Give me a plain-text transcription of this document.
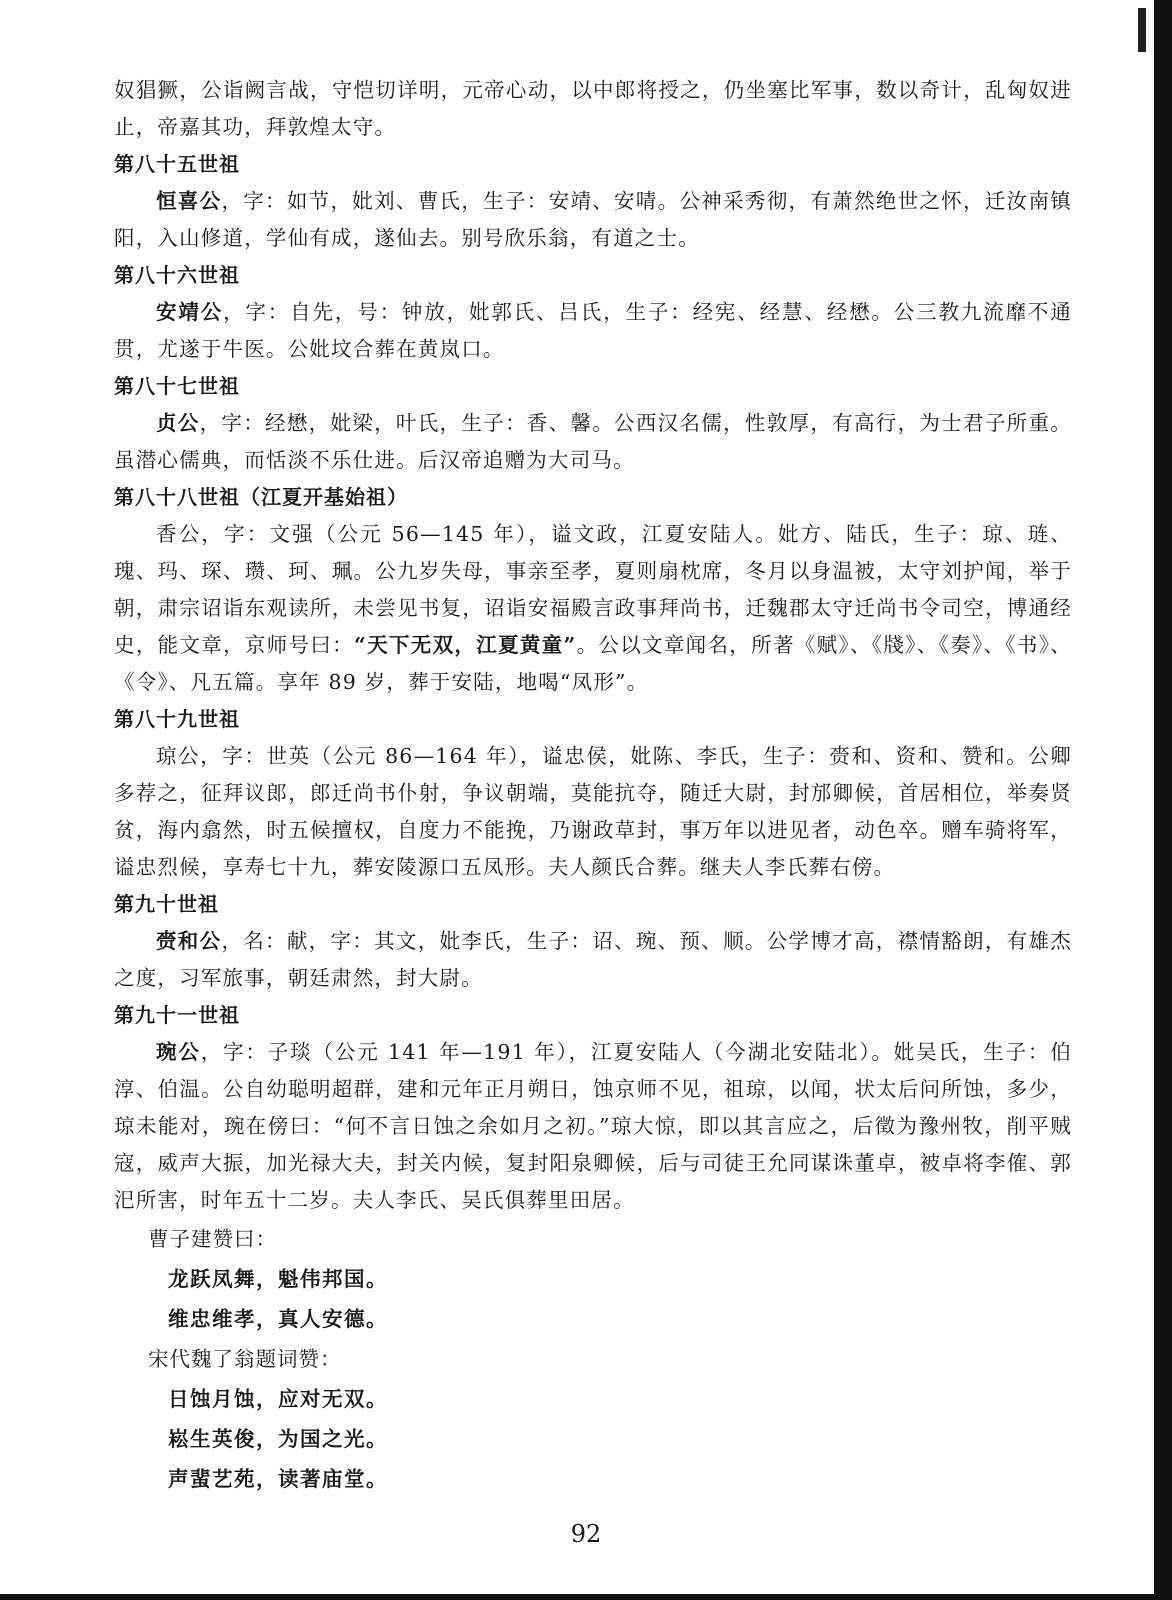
奴猖獗，公诣阙言战，守恺切详明，元帝心动，以中郎将授之，仍坐塞比军事，数以奇计，乱匈奴进止，帝嘉其功，拜敦煌太守。

第八十五世祖

恒喜公，字：如节，妣刘、曹氏，生子：安靖、安啨。公神采秀彻，有萧然绝世之怀，迁汝南镇阳，入山修道，学仙有成，遂仙去。别号欣乐翁，有道之士。

第八十六世祖

安靖公，字：自先，号：钟放，妣郭氏、吕氏，生子：经宪、经慧、经懋。公三教九流靡不通贯，尤遂于牛医。公妣坟合葬在黄岚口。

第八十七世祖

贞公，字：经懋，妣梁，叶氏，生子：香、馨。公西汉名儒，性敦厚，有高行，为士君子所重。虽潜心儒典，而恬淡不乐仕进。后汉帝追赠为大司马。

第八十八世祖（江夏开基始祖）

香公，字：文强（公元 56—145 年），谥文政，江夏安陆人。妣方、陆氏，生子：琼、琏、瑰、玛、琛、瓒、珂、珮。公九岁失母，事亲至孝，夏则扇枕席，冬月以身温被，太守刘护闻，举于朝，肃宗诏诣东观读所，未尝见书复，诏诣安福殿言政事拜尚书，迁魏郡太守迁尚书令司空，博通经史，能文章，京师号曰：“天下无双，江夏黄童”。公以文章闻名，所著《赋》、《牋》、《奏》、《书》、《令》、凡五篇。享年 89 岁，葬于安陆，地喝“凤形”。

第八十九世祖

琼公，字：世英（公元 86—164 年），谥忠侯，妣陈、李氏，生子：赍和、资和、赞和。公卿多荐之，征拜议郎，郎迁尚书仆射，争议朝端，莫能抗夺，随迁大尉，封邡卿候，首居相位，举奏贤贫，海内翕然，时五候擅权，自度力不能挽，乃谢政草封，事万年以进见者，动色卒。赠车骑将军，谥忠烈候，享寿七十九，葬安陵源口五凤形。夫人颜氏合葬。继夫人李氏葬右傍。

第九十世祖

赍和公，名：献，字：其文，妣李氏，生子：诏、琬、预、顺。公学博才高，襟情豁朗，有雄杰之度，习军旅事，朝廷肃然，封大尉。

第九十一世祖

琬公，字：子琰（公元 141 年—191 年），江夏安陆人（今湖北安陆北）。妣吴氏，生子：伯淳、伯温。公自幼聪明超群，建和元年正月朔日，蚀京师不见，祖琼，以闻，状太后问所蚀，多少，琼未能对，琬在傍曰：“何不言日蚀之余如月之初。”琼大惊，即以其言应之，后徵为豫州牧，削平贼寇，威声大振，加光禄大夫，封关内候，复封阳泉卿候，后与司徒王允同谋诛董卓，被卓将李傕、郭汜所害，时年五十二岁。夫人李氏、吴氏俱葬里田居。

曹子建赞曰：

龙跃凤舞，魁伟邦国。

维忠维孝，真人安德。

宋代魏了翁题词赞：

日蚀月蚀，应对无双。

崧生英俊，为国之光。

声蜚艺苑，读著庙堂。

92
